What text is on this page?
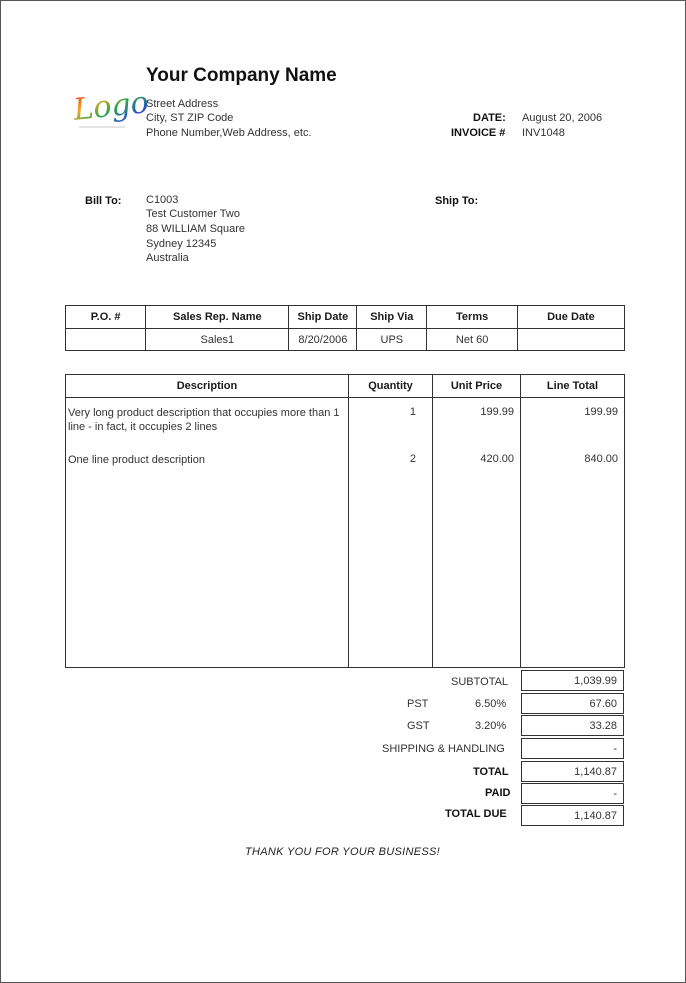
Logo
Your Company Name
Street Address
City, ST ZIP Code
Phone Number,Web Address, etc.
DATE: August 20, 2006
INVOICE # INV1048
Bill To: C1003
Test Customer Two
88 WILLIAM Square
Sydney 12345
Australia
Ship To:
P.O. #	Sales Rep. Name	Ship Date	Ship Via	Terms	Due Date
	Sales1	8/20/2006	UPS	Net 60	
Description	Quantity	Unit Price	Line Total
Very long product description that occupies more than 1 line - in fact, it occupies 2 lines	1	199.99	199.99
One line product description	2	420.00	840.00

SUBTOTAL	1,039.99
PST	6.50%	67.60
GST	3.20%	33.28
SHIPPING & HANDLING	-
TOTAL	1,140.87
PAID	-
TOTAL DUE	1,140.87
THANK YOU FOR YOUR BUSINESS!
